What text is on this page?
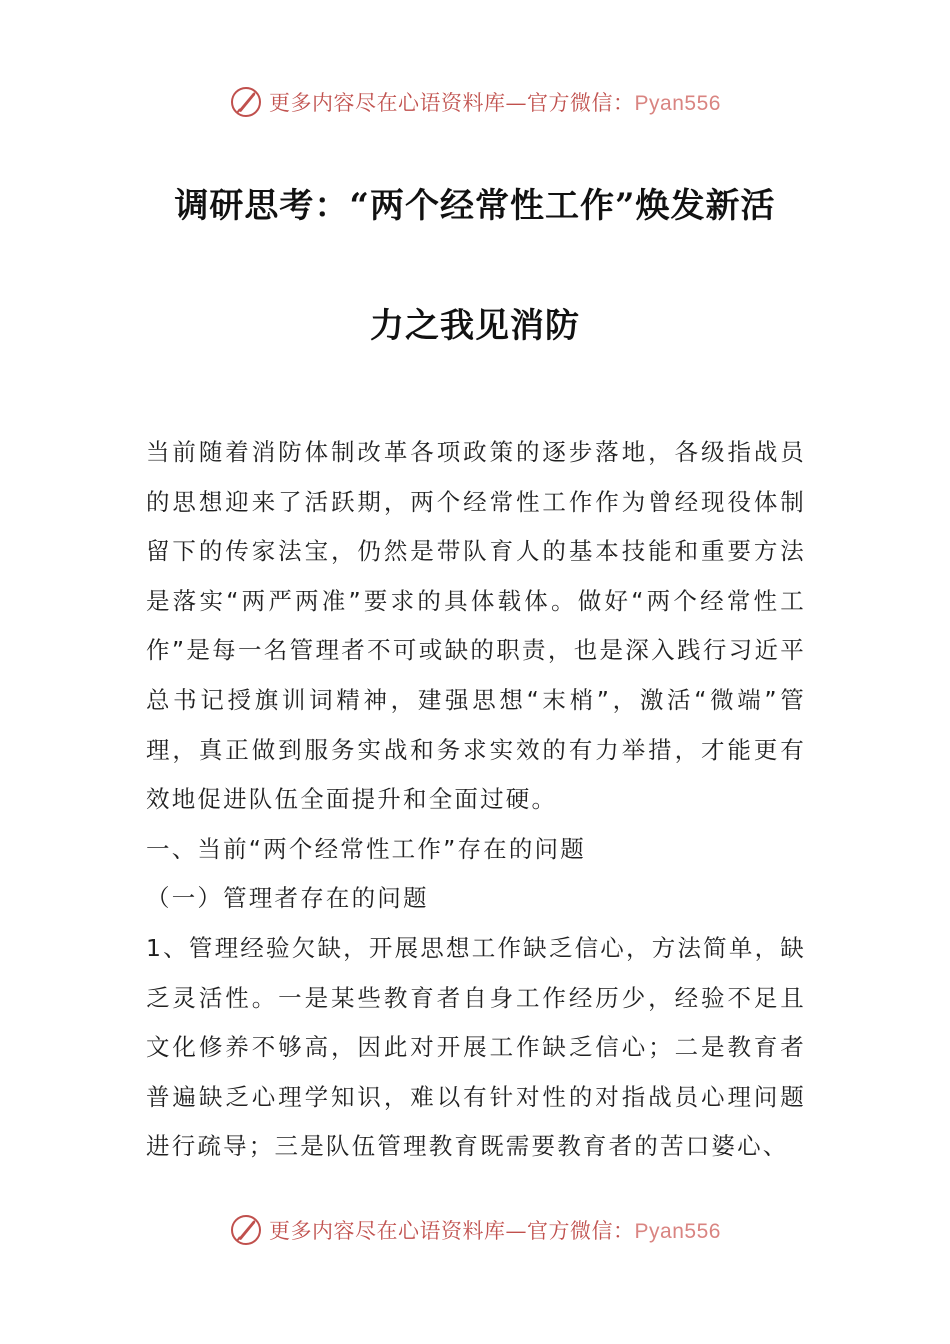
更多内容尽在心语资料库—官方微信：Pyan556
调研思考：“两个经常性工作”焕发新活
力之我见消防

当前随着消防体制改革各项政策的逐步落地，各级指战员的思想迎来了活跃期，两个经常性工作作为曾经现役体制留下的传家法宝，仍然是带队育人的基本技能和重要方法是落实“两严两准”要求的具体载体。做好“两个经常性工作”是每一名管理者不可或缺的职责，也是深入践行习近平总书记授旗训词精神，建强思想“末梢”，激活“微端”管理，真正做到服务实战和务求实效的有力举措，才能更有效地促进队伍全面提升和全面过硬。

一、当前“两个经常性工作”存在的问题

（一）管理者存在的问题

1、管理经验欠缺，开展思想工作缺乏信心，方法简单，缺乏灵活性。一是某些教育者自身工作经历少，经验不足且文化修养不够高，因此对开展工作缺乏信心；二是教育者普遍缺乏心理学知识，难以有针对性的对指战员心理问题进行疏导；三是队伍管理教育既需要教育者的苦口婆心、

更多内容尽在心语资料库—官方微信：Pyan556
